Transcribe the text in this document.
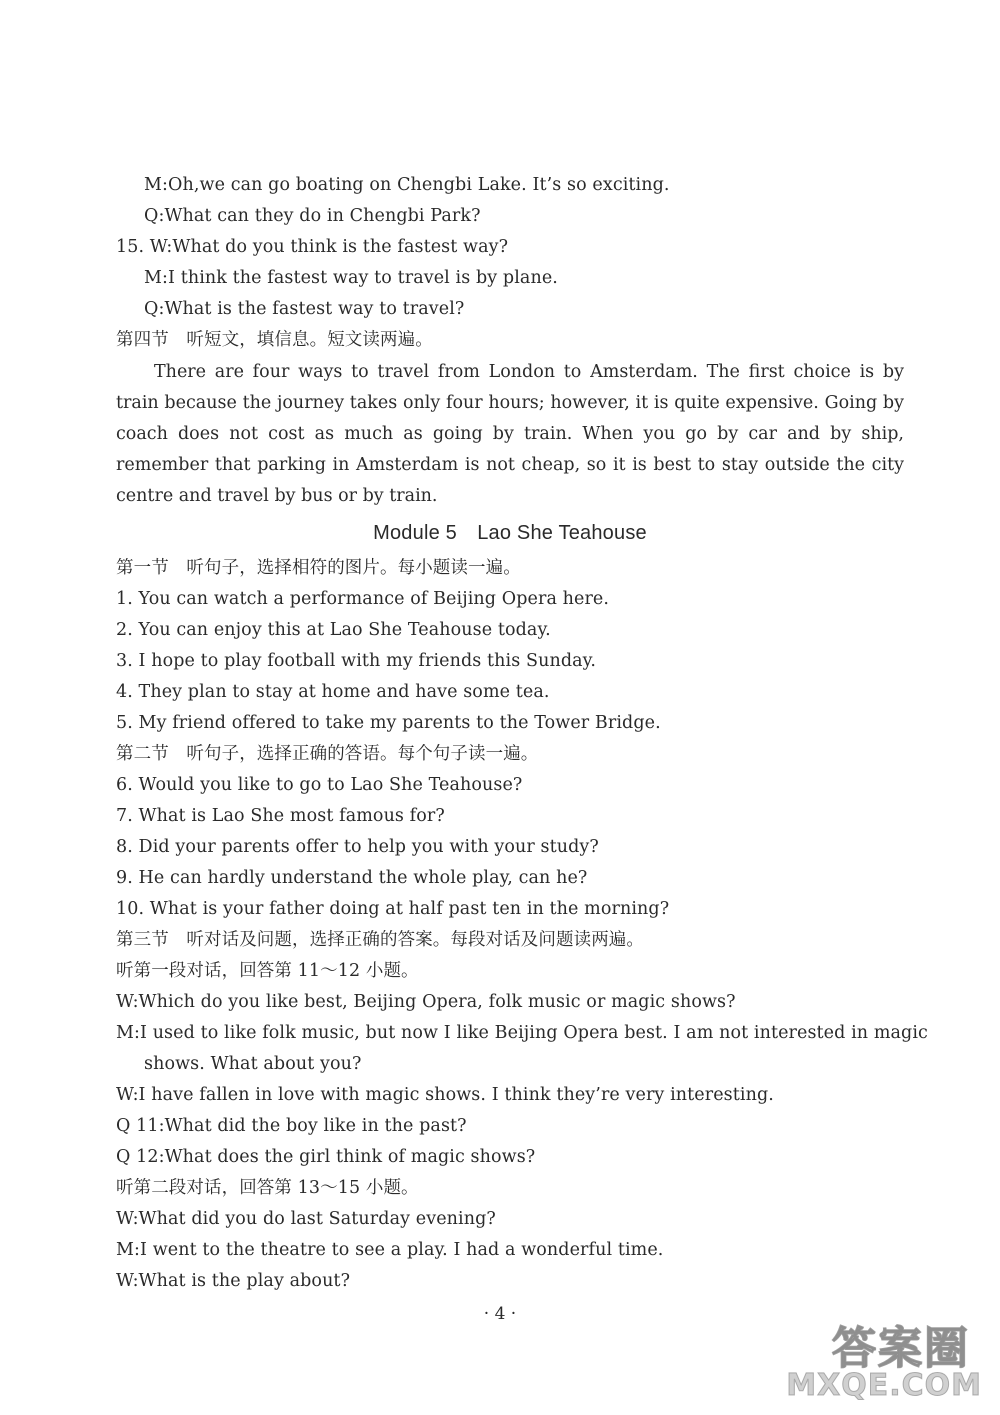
M:Oh,we can go boating on Chengbi Lake. It’s so exciting.
Q:What can they do in Chengbi Park?
15. W:What do you think is the fastest way?
M:I think the fastest way to travel is by plane.
Q:What is the fastest way to travel?
第四节　听短文，填信息。短文读两遍。
There are four ways to travel from London to Amsterdam. The first choice is by train because the journey takes only four hours; however, it is quite expensive. Going by coach does not cost as much as going by train. When you go by car and by ship, remember that parking in Amsterdam is not cheap, so it is best to stay outside the city centre and travel by bus or by train.
Module 5　Lao She Teahouse
第一节　听句子，选择相符的图片。每小题读一遍。
1. You can watch a performance of Beijing Opera here.
2. You can enjoy this at Lao She Teahouse today.
3. I hope to play football with my friends this Sunday.
4. They plan to stay at home and have some tea.
5. My friend offered to take my parents to the Tower Bridge.
第二节　听句子，选择正确的答语。每个句子读一遍。
6. Would you like to go to Lao She Teahouse?
7. What is Lao She most famous for?
8. Did your parents offer to help you with your study?
9. He can hardly understand the whole play, can he?
10. What is your father doing at half past ten in the morning?
第三节　听对话及问题，选择正确的答案。每段对话及问题读两遍。
听第一段对话，回答第 11～12 小题。
W:Which do you like best, Beijing Opera, folk music or magic shows?
M:I used to like folk music, but now I like Beijing Opera best. I am not interested in magic
shows. What about you?
W:I have fallen in love with magic shows. I think they’re very interesting.
Q 11:What did the boy like in the past?
Q 12:What does the girl think of magic shows?
听第二段对话，回答第 13～15 小题。
W:What did you do last Saturday evening?
M:I went to the theatre to see a play. I had a wonderful time.
W:What is the play about?
· 4 ·
答案圈
MXQE.COM
